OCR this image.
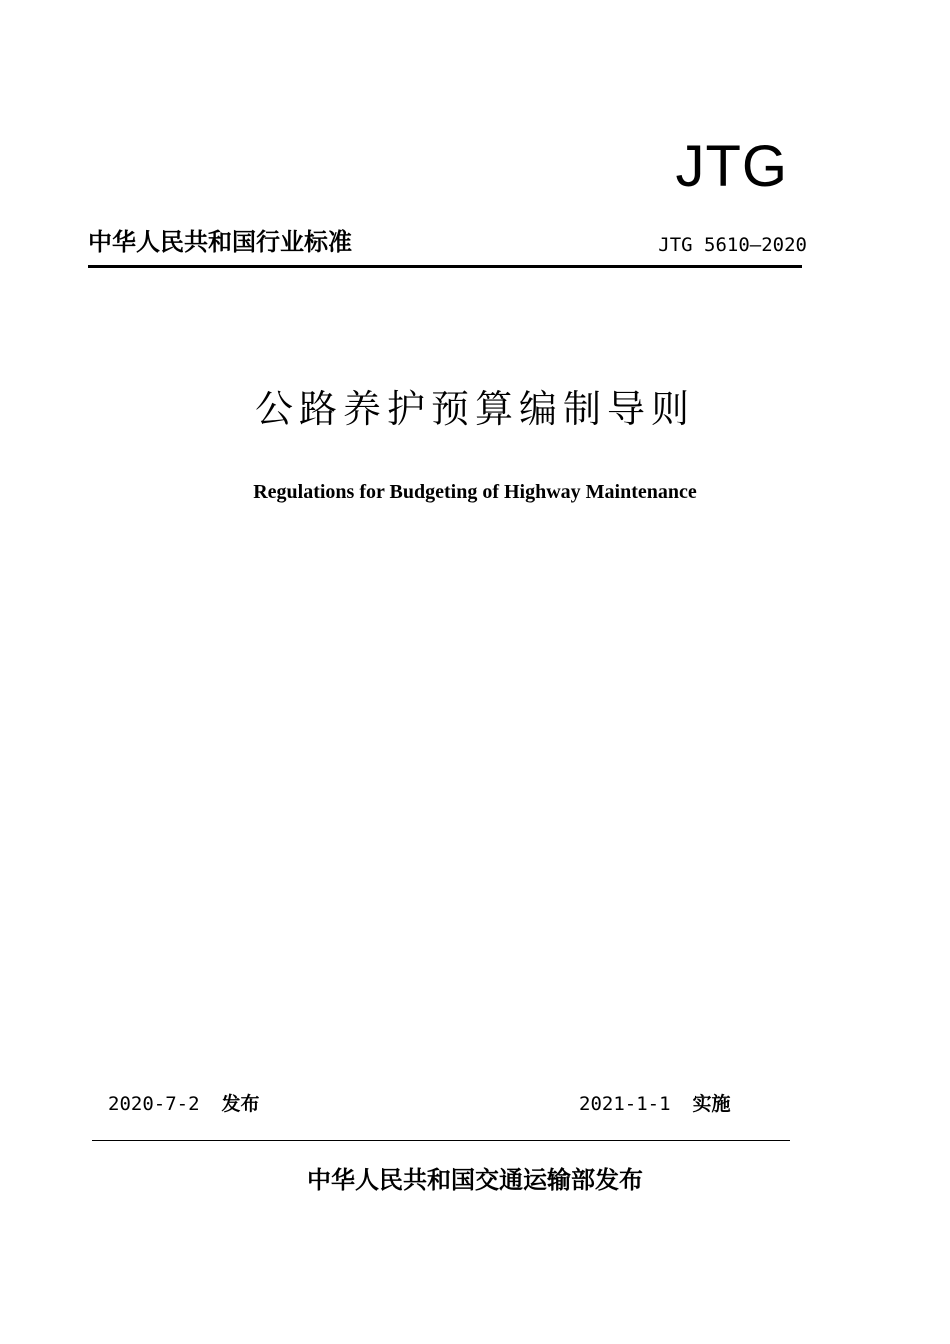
JTG
中华人民共和国行业标准	JTG 5610—2020
公路养护预算编制导则
Regulations for Budgeting of Highway Maintenance
2020-7-2 发布	2021-1-1 实施
中华人民共和国交通运输部发布
